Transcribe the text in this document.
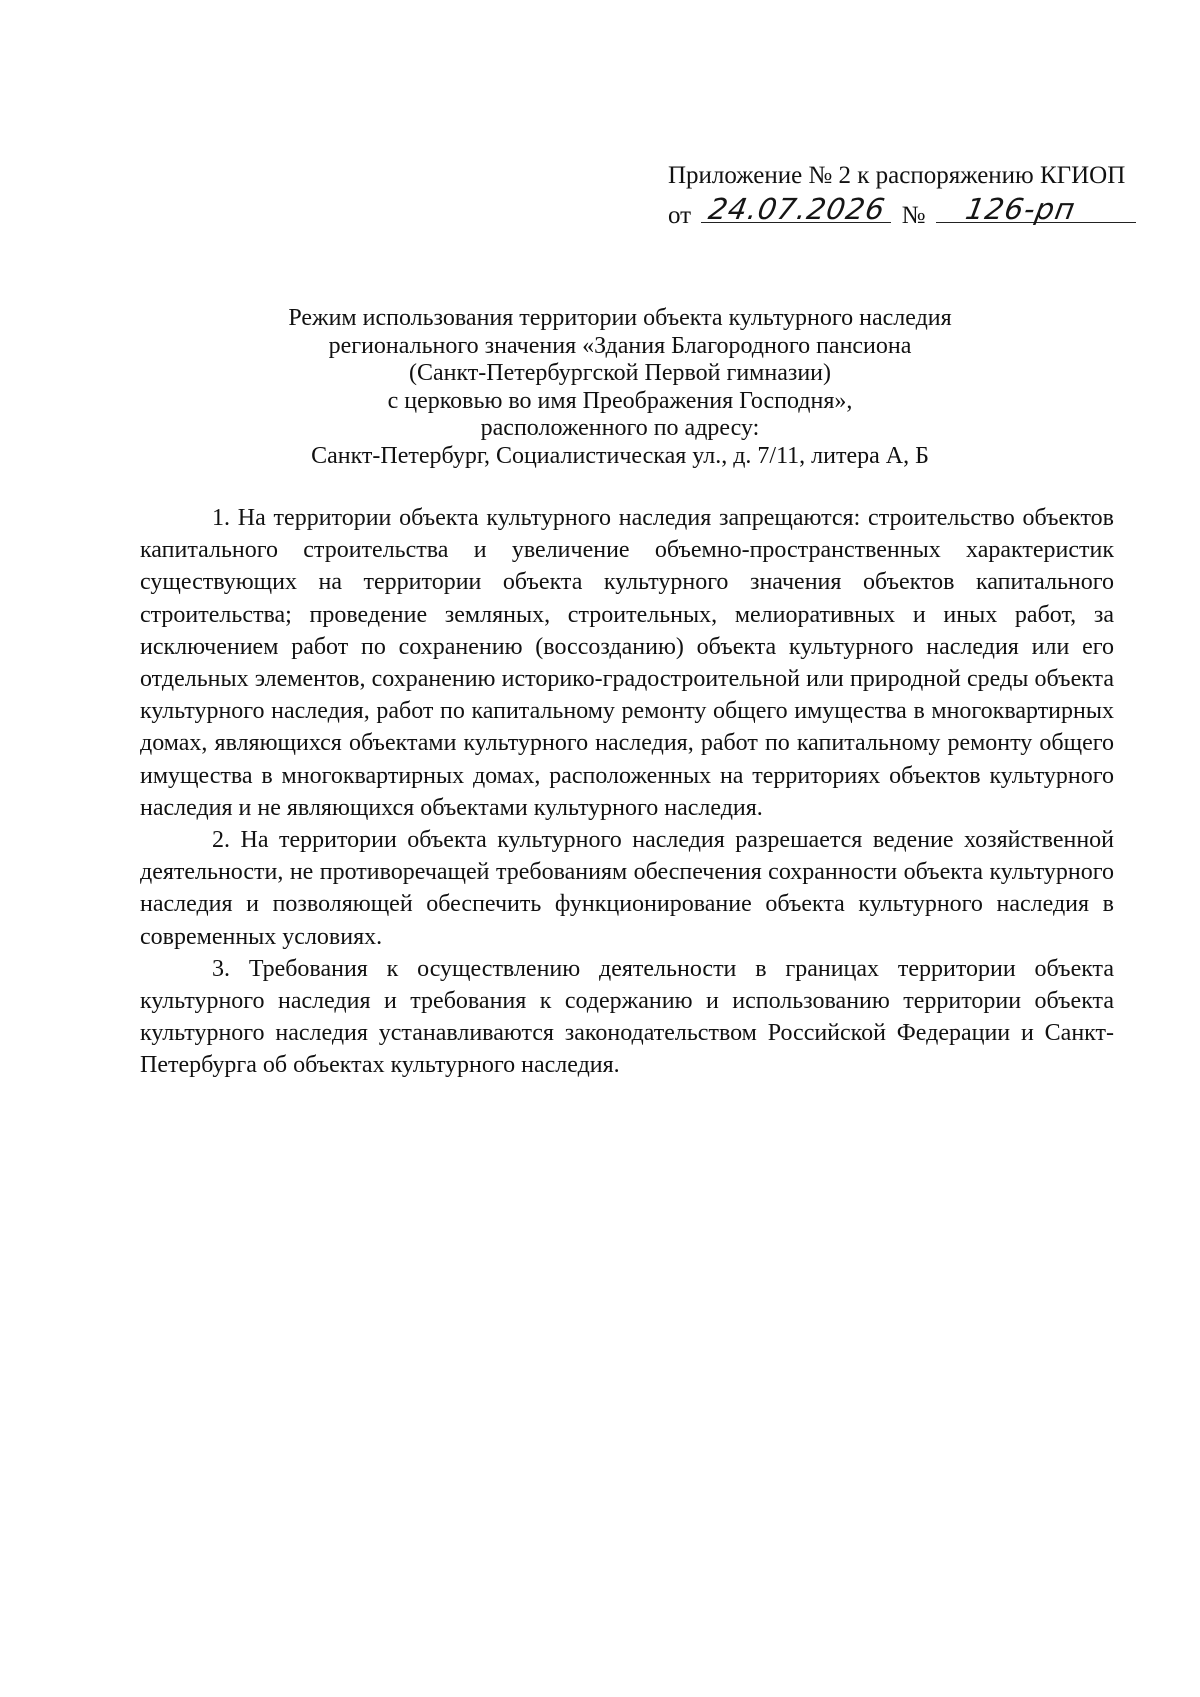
Приложение № 2 к распоряжению КГИОП
от 24.07.2026 № 126-рп
Режим использования территории объекта культурного наследия
регионального значения «Здания Благородного пансиона
(Санкт-Петербургской Первой гимназии)
с церковью во имя Преображения Господня»,
расположенного по адресу:
Санкт-Петербург, Социалистическая ул., д. 7/11, литера А, Б

1. На территории объекта культурного наследия запрещаются: строительство объектов капитального строительства и увеличение объемно-пространственных характеристик существующих на территории объекта культурного значения объектов капитального строительства; проведение земляных, строительных, мелиоративных и иных работ, за исключением работ по сохранению (воссозданию) объекта культурного наследия или его отдельных элементов, сохранению историко-градостроительной или природной среды объекта культурного наследия, работ по капитальному ремонту общего имущества в многоквартирных домах, являющихся объектами культурного наследия, работ по капитальному ремонту общего имущества в многоквартирных домах, расположенных на территориях объектов культурного наследия и не являющихся объектами культурного наследия.

2. На территории объекта культурного наследия разрешается ведение хозяйственной деятельности, не противоречащей требованиям обеспечения сохранности объекта культурного наследия и позволяющей обеспечить функционирование объекта культурного наследия в современных условиях.

3. Требования к осуществлению деятельности в границах территории объекта культурного наследия и требования к содержанию и использованию территории объекта культурного наследия устанавливаются законодательством Российской Федерации и Санкт-Петербурга об объектах культурного наследия.
